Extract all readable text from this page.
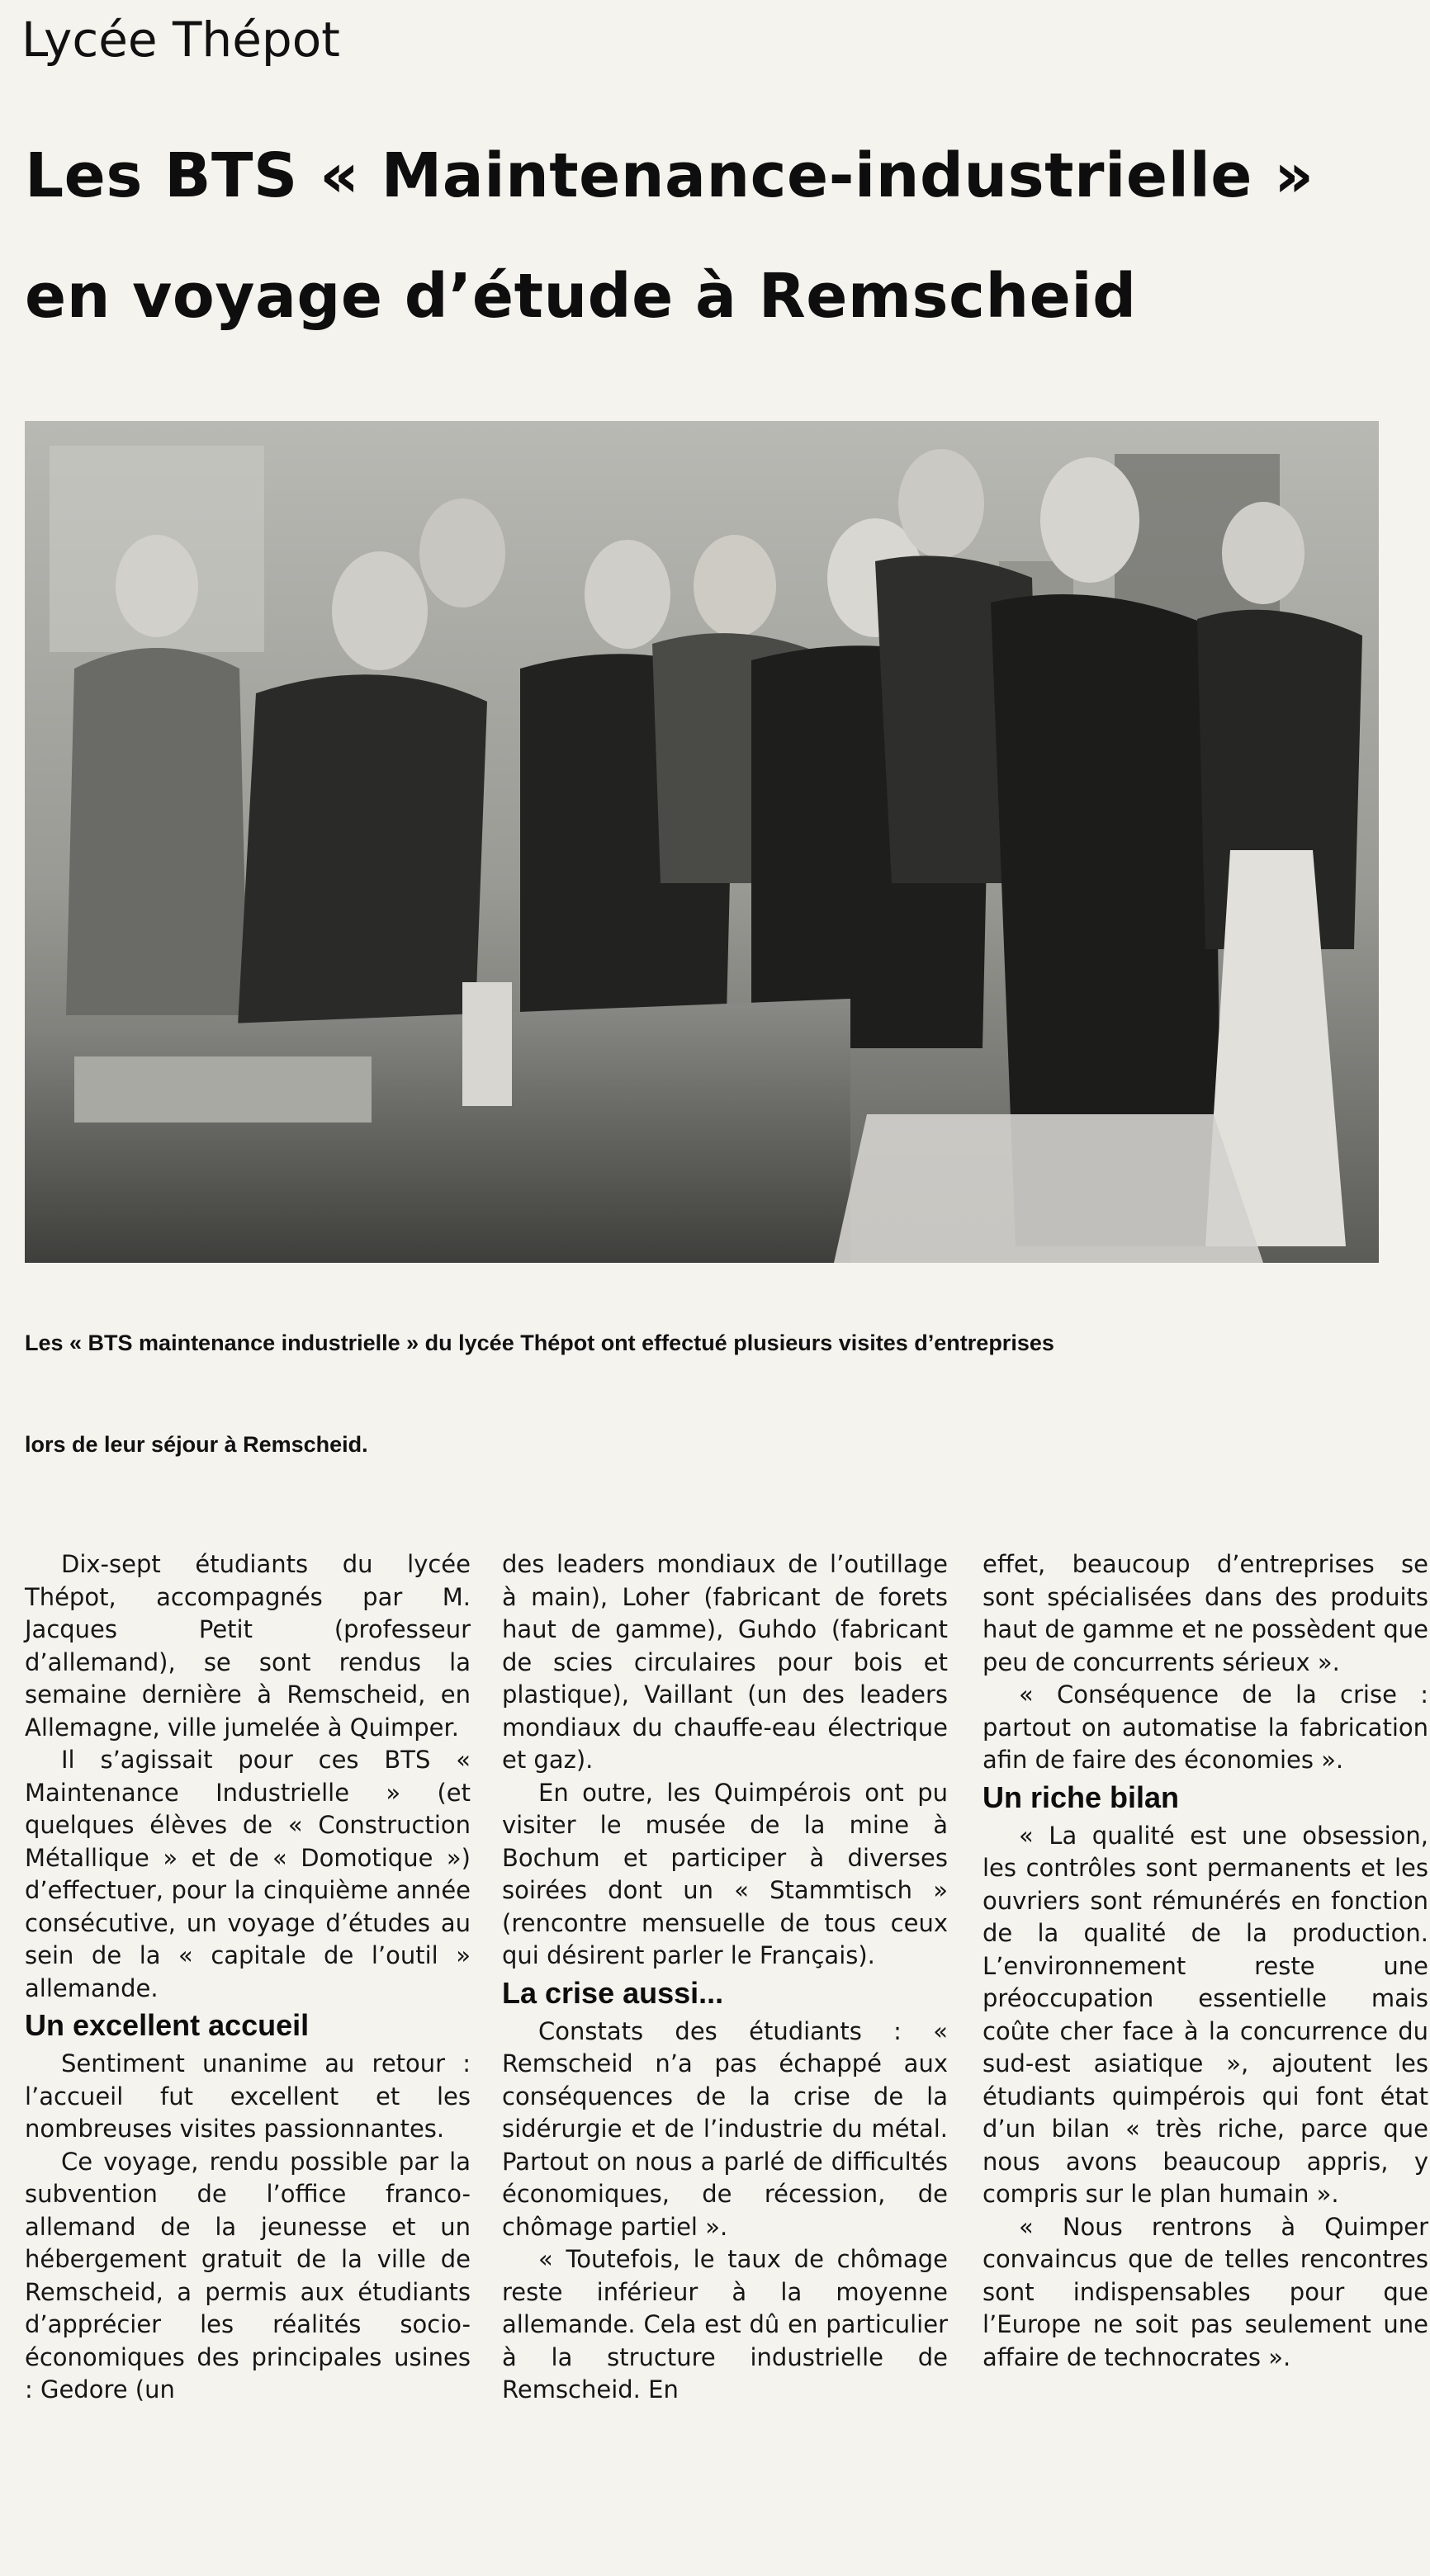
Lycée Thépot
Les BTS « Maintenance-industrielle »
en voyage d’étude à Remscheid
Les « BTS maintenance industrielle » du lycée Thépot ont effectué plusieurs visites d’entreprises
lors de leur séjour à Remscheid.

Dix-sept étudiants du lycée Thépot, accompagnés par M. Jacques Petit (professeur d’allemand), se sont rendus la semaine dernière à Remscheid, en Allemagne, ville jumelée à Quimper.

Il s’agissait pour ces BTS « Maintenance Industrielle » (et quelques élèves de « Construction Métallique » et de « Domotique ») d’effectuer, pour la cinquième année consécutive, un voyage d’études au sein de la « capitale de l’outil » allemande.

Un excellent accueil

Sentiment unanime au retour : l’accueil fut excellent et les nombreuses visites passionnantes.

Ce voyage, rendu possible par la subvention de l’office franco-allemand de la jeunesse et un hébergement gratuit de la ville de Remscheid, a permis aux étudiants d’apprécier les réalités socio-économiques des principales usines : Gedore (un

des leaders mondiaux de l’outillage à main), Loher (fabricant de forets haut de gamme), Guhdo (fabricant de scies circulaires pour bois et plastique), Vaillant (un des leaders mondiaux du chauffe-eau électrique et gaz).

En outre, les Quimpérois ont pu visiter le musée de la mine à Bochum et participer à diverses soirées dont un « Stammtisch » (rencontre mensuelle de tous ceux qui désirent parler le Français).

La crise aussi...

Constats des étudiants : « Remscheid n’a pas échappé aux conséquences de la crise de la sidérurgie et de l’industrie du métal. Partout on nous a parlé de difficultés économiques, de récession, de chômage partiel ».

« Toutefois, le taux de chômage reste inférieur à la moyenne allemande. Cela est dû en particulier à la structure industrielle de Remscheid. En

effet, beaucoup d’entreprises se sont spécialisées dans des produits haut de gamme et ne possèdent que peu de concurrents sérieux ».

« Conséquence de la crise : partout on automatise la fabrication afin de faire des économies ».

Un riche bilan

« La qualité est une obsession, les contrôles sont permanents et les ouvriers sont rémunérés en fonction de la qualité de la production. L’environnement reste une préoccupation essentielle mais coûte cher face à la concurrence du sud-est asiatique », ajoutent les étudiants quimpérois qui font état d’un bilan « très riche, parce que nous avons beaucoup appris, y compris sur le plan humain ».

« Nous rentrons à Quimper convaincus que de telles rencontres sont indispensables pour que l’Europe ne soit pas seulement une affaire de technocrates ».
